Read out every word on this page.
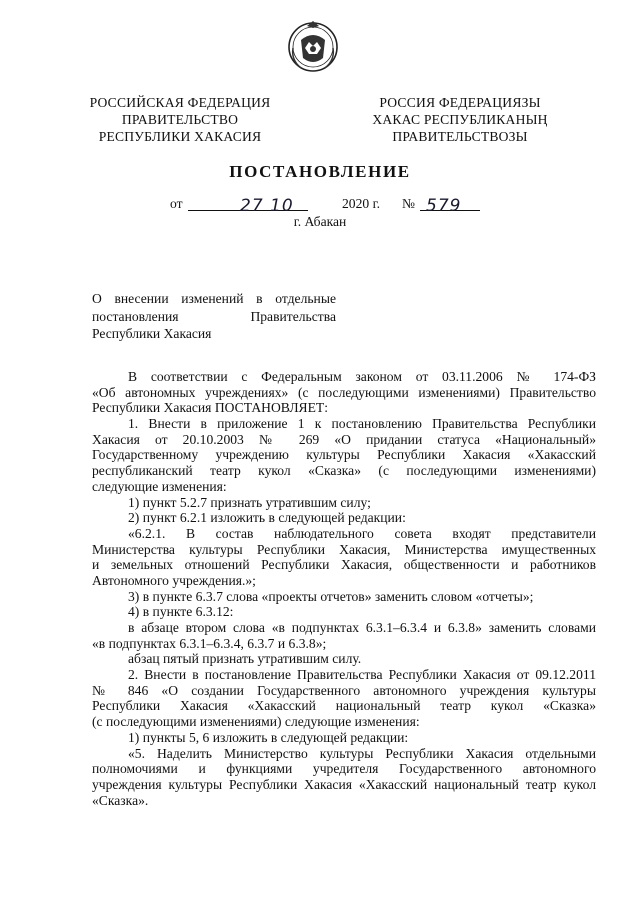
РОССИЙСКАЯ ФЕДЕРАЦИЯ
ПРАВИТЕЛЬСТВО
РЕСПУБЛИКИ ХАКАСИЯ
РОССИЯ ФЕДЕРАЦИЯЗЫ
ХАКАС РЕСПУБЛИКАНЫҢ
ПРАВИТЕЛЬСТВОЗЫ
ПОСТАНОВЛЕНИЕ
от	27 10	2020 г. № 579
г. Абакан
О внесении изменений в отдельные
постановления Правительства
Республики Хакасия
В соответствии с Федеральным законом от 03.11.2006 № 174-ФЗ
«Об автономных учреждениях» (с последующими изменениями) Правительство
Республики Хакасия ПОСТАНОВЛЯЕТ:
1. Внести в приложение 1 к постановлению Правительства Республики
Хакасия от 20.10.2003 № 269 «О придании статуса «Национальный»
Государственному учреждению культуры Республики Хакасия «Хакасский
республиканский театр кукол «Сказка» (с последующими изменениями)
следующие изменения:
1) пункт 5.2.7 признать утратившим силу;
2) пункт 6.2.1 изложить в следующей редакции:
«6.2.1. В состав наблюдательного совета входят представители
Министерства культуры Республики Хакасия, Министерства имущественных
и земельных отношений Республики Хакасия, общественности и работников
Автономного учреждения.»;
3) в пункте 6.3.7 слова «проекты отчетов» заменить словом «отчеты»;
4) в пункте 6.3.12:
в абзаце втором слова «в подпунктах 6.3.1–6.3.4 и 6.3.8» заменить словами
«в подпунктах 6.3.1–6.3.4, 6.3.7 и 6.3.8»;
абзац пятый признать утратившим силу.
2. Внести в постановление Правительства Республики Хакасия от 09.12.2011
№ 846 «О создании Государственного автономного учреждения культуры
Республики Хакасия «Хакасский национальный театр кукол «Сказка»
(с последующими изменениями) следующие изменения:
1) пункты 5, 6 изложить в следующей редакции:
«5. Наделить Министерство культуры Республики Хакасия отдельными
полномочиями и функциями учредителя Государственного автономного
учреждения культуры Республики Хакасия «Хакасский национальный театр кукол
«Сказка».
